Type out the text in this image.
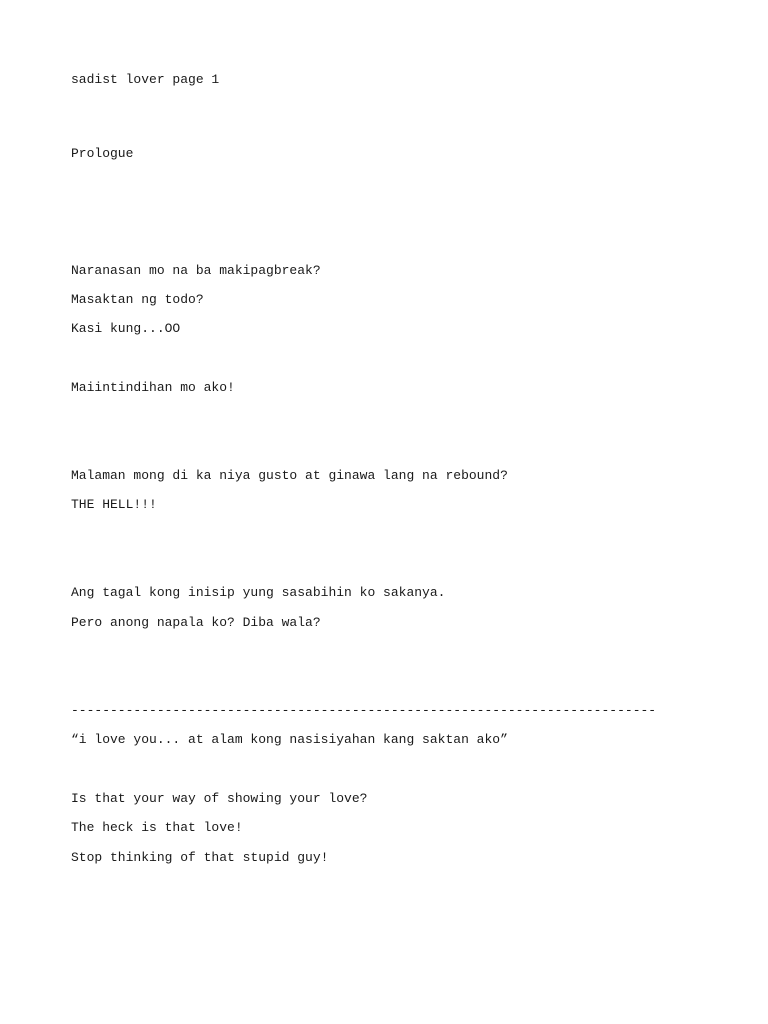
sadist lover page 1
Prologue
Naranasan mo na ba makipagbreak?
Masaktan ng todo?
Kasi kung...OO
Maiintindihan mo ako!
Malaman mong di ka niya gusto at ginawa lang na rebound?
THE HELL!!!
Ang tagal kong inisip yung sasabihin ko sakanya.
Pero anong napala ko? Diba wala?
---------------------------------------------------------------------------
“i love you... at alam kong nasisiyahan kang saktan ako”
Is that your way of showing your love?
The heck is that love!
Stop thinking of that stupid guy!
